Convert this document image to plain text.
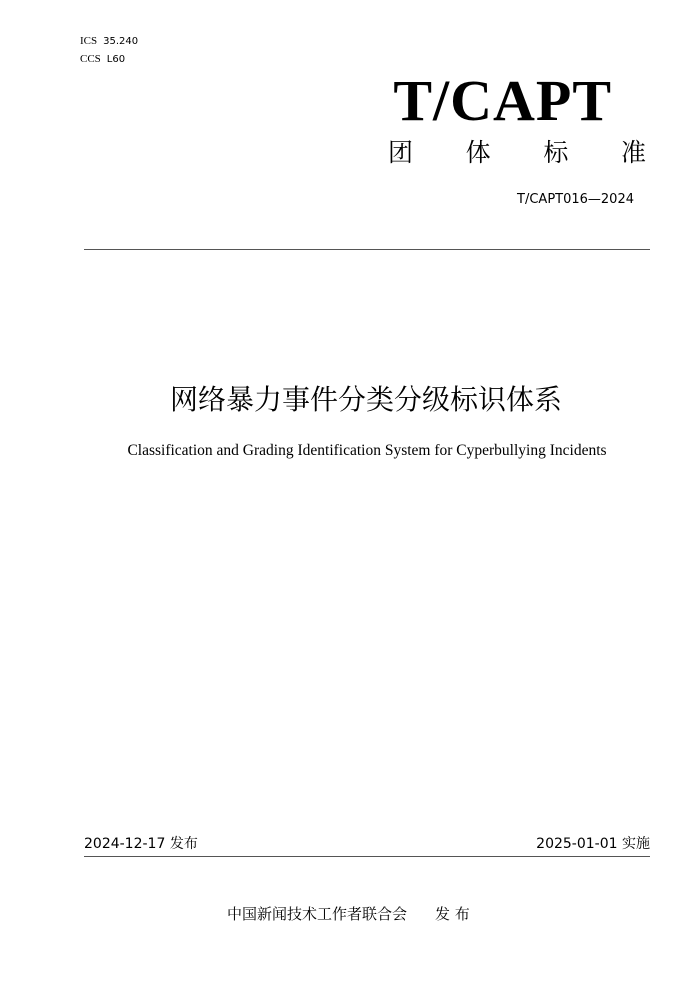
ICS 35.240
CCS L60
T/CAPT
团 体 标 准
T/CAPT016—2024
网络暴力事件分类分级标识体系
Classification and Grading Identification System for Cyperbullying Incidents
2024-12-17 发布	2025-01-01 实施
中国新闻技术工作者联合会 发 布
